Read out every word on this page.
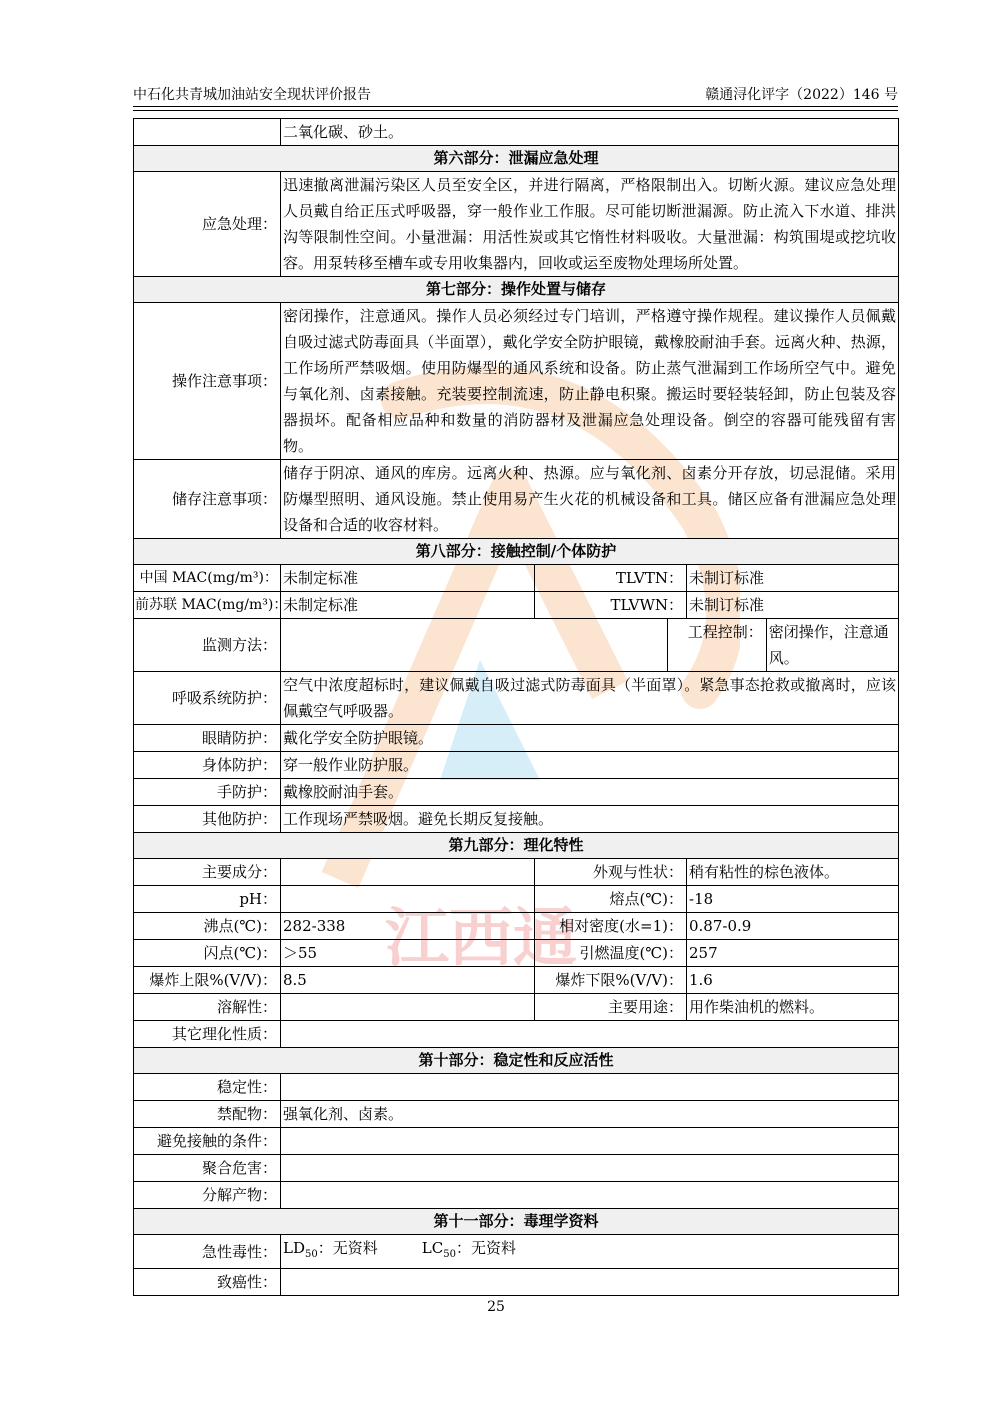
中石化共青城加油站安全现状评价报告	赣通浔化评字（2022）146 号
江西通
	二氧化碳、砂土。			
第六部分：泄漏应急处理				
应急处理：	迅速撤离泄漏污染区人员至安全区，并进行隔离，严格限制出入。切断火源。建议应急处理人员戴自给正压式呼吸器，穿一般作业工作服。尽可能切断泄漏源。防止流入下水道、排洪沟等限制性空间。小量泄漏：用活性炭或其它惰性材料吸收。大量泄漏：构筑围堤或挖坑收容。用泵转移至槽车或专用收集器内，回收或运至废物处理场所处置。			
第七部分：操作处置与储存				
操作注意事项：	密闭操作，注意通风。操作人员必须经过专门培训，严格遵守操作规程。建议操作人员佩戴自吸过滤式防毒面具（半面罩），戴化学安全防护眼镜，戴橡胶耐油手套。远离火种、热源，工作场所严禁吸烟。使用防爆型的通风系统和设备。防止蒸气泄漏到工作场所空气中。避免与氧化剂、卤素接触。充装要控制流速，防止静电积聚。搬运时要轻装轻卸，防止包装及容器损坏。配备相应品种和数量的消防器材及泄漏应急处理设备。倒空的容器可能残留有害物。			
储存注意事项：	储存于阴凉、通风的库房。远离火种、热源。应与氧化剂、卤素分开存放，切忌混储。采用防爆型照明、通风设施。禁止使用易产生火花的机械设备和工具。储区应备有泄漏应急处理设备和合适的收容材料。			
第八部分：接触控制/个体防护				
中国 MAC(mg/m³)：	未制定标准	TLVTN：		未制订标准
前苏联 MAC(mg/m³)：	未制定标准	TLVWN：		未制订标准
监测方法：			工程控制： 密闭操作，注意通风。	

呼吸系统防护：	空气中浓度超标时，建议佩戴自吸过滤式防毒面具（半面罩）。紧急事态抢救或撤离时，应该佩戴空气呼吸器。			
眼睛防护：	戴化学安全防护眼镜。			
身体防护：	穿一般作业防护服。			
手防护：	戴橡胶耐油手套。			
其他防护：	工作现场严禁吸烟。避免长期反复接触。			
第九部分：理化特性				
主要成分：		外观与性状：		稍有粘性的棕色液体。
pH：		熔点(℃)：		-18
沸点(℃)：	282-338	相对密度(水=1)：		0.87-0.9
闪点(℃)：	＞55	引燃温度(℃)：		257
爆炸上限%(V/V)：	8.5	爆炸下限%(V/V)：		1.6
溶解性：		主要用途：		用作柴油机的燃料。
其它理化性质：				
第十部分：稳定性和反应活性				
稳定性：				
禁配物：	强氧化剂、卤素。			
避免接触的条件：				
聚合危害：				
分解产物：				
第十一部分：毒理学资料				
急性毒性：	$LD_{50}$：无资料 $LC_{50}$：无资料			
致癌性：				
25
